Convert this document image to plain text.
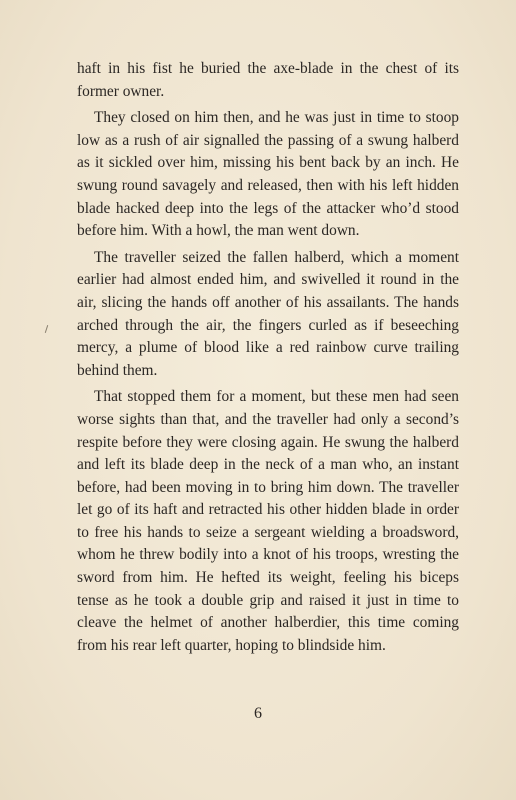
haft in his fist he buried the axe-blade in the chest of its former owner.

They closed on him then, and he was just in time to stoop low as a rush of air signalled the passing of a swung halberd as it sickled over him, missing his bent back by an inch. He swung round savagely and released, then with his left hidden blade hacked deep into the legs of the attacker who’d stood before him. With a howl, the man went down.

The traveller seized the fallen halberd, which a moment earlier had almost ended him, and swivelled it round in the air, slicing the hands off another of his assailants. The hands arched through the air, the fingers curled as if beseeching mercy, a plume of blood like a red rainbow curve trailing behind them.

That stopped them for a moment, but these men had seen worse sights than that, and the traveller had only a second’s respite before they were closing again. He swung the halberd and left its blade deep in the neck of a man who, an instant before, had been moving in to bring him down. The traveller let go of its haft and retracted his other hidden blade in order to free his hands to seize a sergeant wielding a broadsword, whom he threw bodily into a knot of his troops, wresting the sword from him. He hefted its weight, feeling his biceps tense as he took a double grip and raised it just in time to cleave the helmet of another halberdier, this time coming from his rear left quarter, hoping to blindside him.

6
